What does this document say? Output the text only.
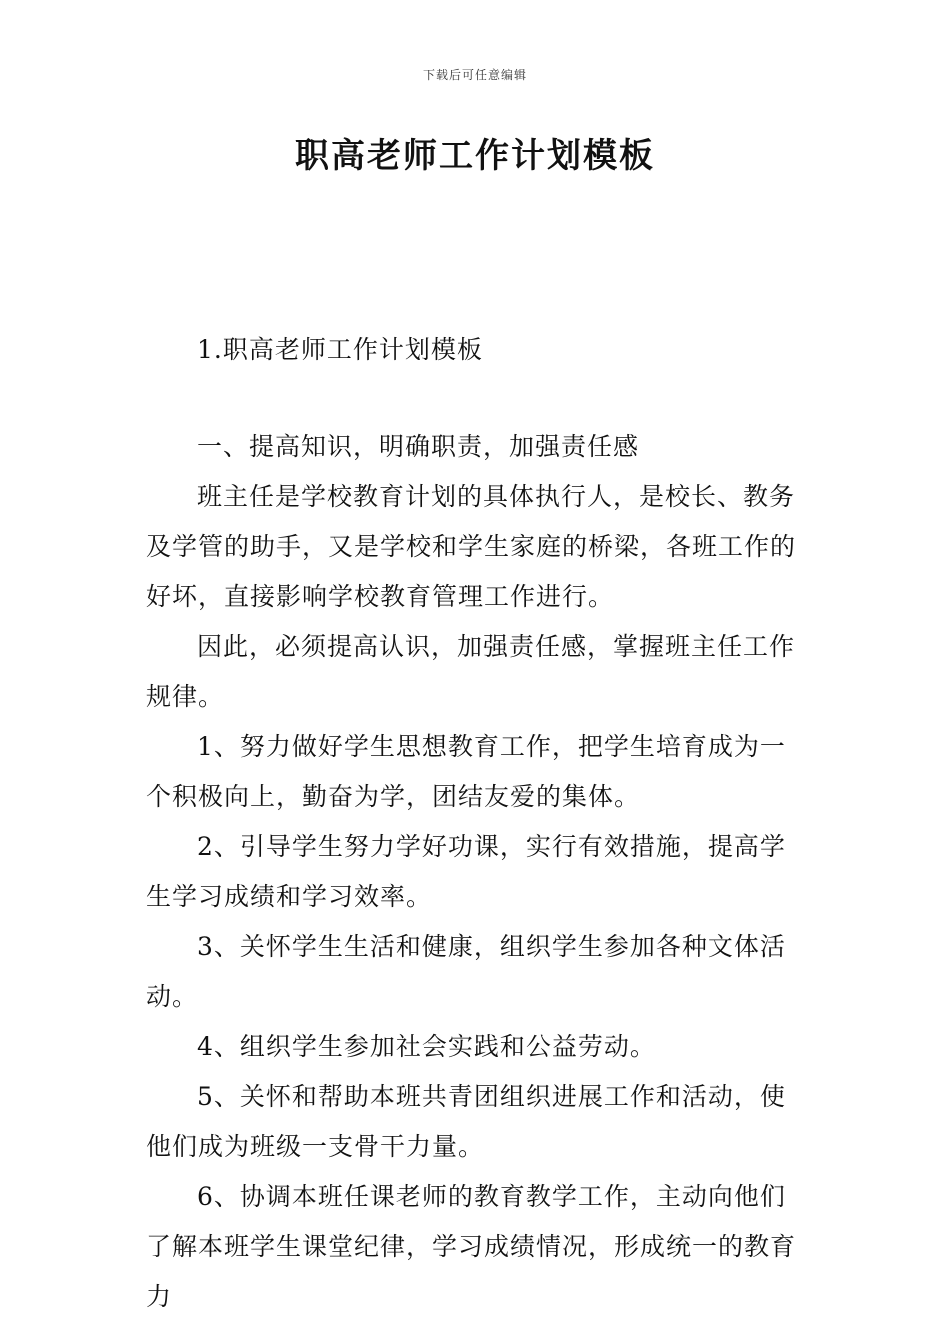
下载后可任意编辑
职高老师工作计划模板
1.职高老师工作计划模板

一、提高知识，明确职责，加强责任感

班主任是学校教育计划的具体执行人，是校长、教务及学管的助手，又是学校和学生家庭的桥梁，各班工作的好坏，直接影响学校教育管理工作进行。

因此，必须提高认识，加强责任感，掌握班主任工作规律。

1、努力做好学生思想教育工作，把学生培育成为一个积极向上，勤奋为学，团结友爱的集体。

2、引导学生努力学好功课，实行有效措施，提高学生学习成绩和学习效率。

3、关怀学生生活和健康，组织学生参加各种文体活动。

4、组织学生参加社会实践和公益劳动。

5、关怀和帮助本班共青团组织进展工作和活动，使他们成为班级一支骨干力量。

6、协调本班任课老师的教育教学工作，主动向他们了解本班学生课堂纪律，学习成绩情况，形成统一的教育力
